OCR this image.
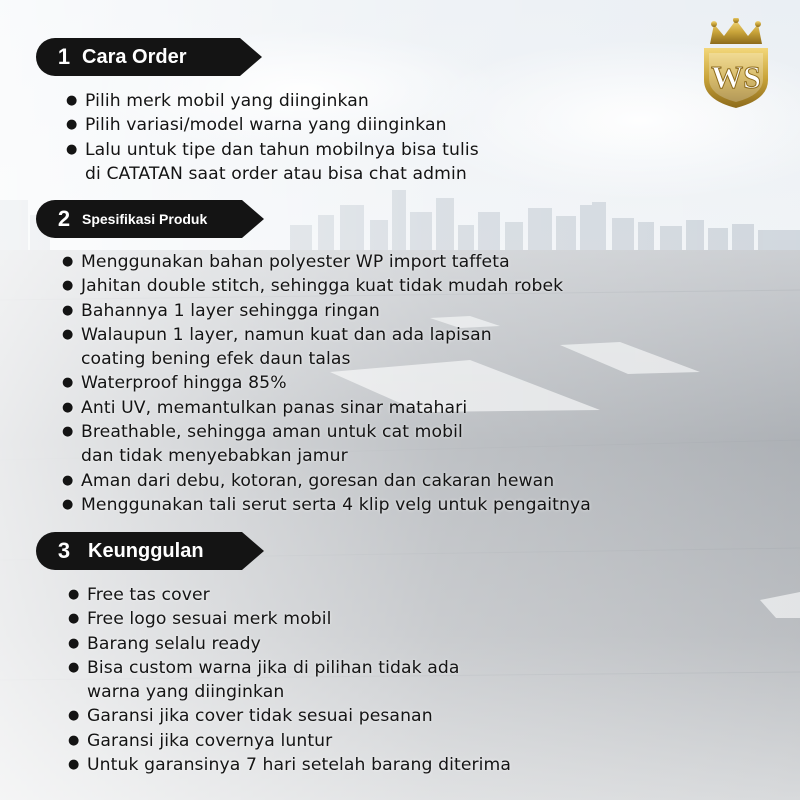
WS
1 Cara Order
● Pilih merk mobil yang diinginkan
● Pilih variasi/model warna yang diinginkan
● Lalu untuk tipe dan tahun mobilnya bisa tulis
di CATATAN saat order atau bisa chat admin
2 Spesifikasi Produk
● Menggunakan bahan polyester WP import taffeta
● Jahitan double stitch, sehingga kuat tidak mudah robek
● Bahannya 1 layer sehingga ringan
● Walaupun 1 layer, namun kuat dan ada lapisan
coating bening efek daun talas
● Waterproof hingga 85%
● Anti UV, memantulkan panas sinar matahari
● Breathable, sehingga aman untuk cat mobil
dan tidak menyebabkan jamur
● Aman dari debu, kotoran, goresan dan cakaran hewan
● Menggunakan tali serut serta 4 klip velg untuk pengaitnya
3 Keunggulan
● Free tas cover
● Free logo sesuai merk mobil
● Barang selalu ready
● Bisa custom warna jika di pilihan tidak ada
warna yang diinginkan
● Garansi jika cover tidak sesuai pesanan
● Garansi jika covernya luntur
● Untuk garansinya 7 hari setelah barang diterima
